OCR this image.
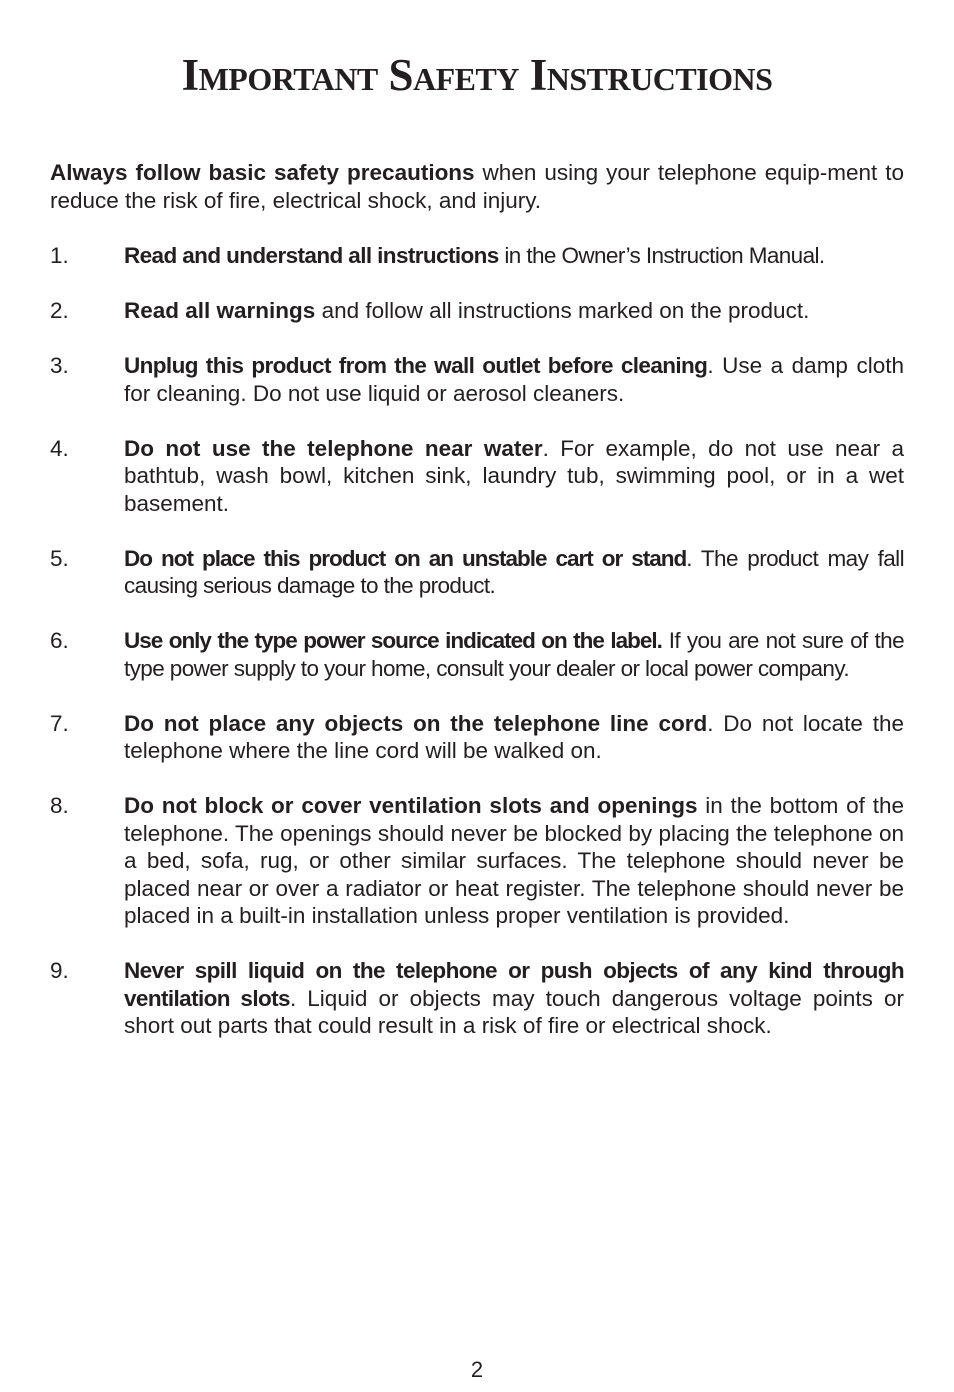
Important Safety Instructions

Always follow basic safety precautions when using your telephone equip-ment to reduce the risk of fire, electrical shock, and injury.

1. Read and understand all instructions in the Owner’s Instruction Manual.
2. Read all warnings and follow all instructions marked on the product.
3. Unplug this product from the wall outlet before cleaning. Use a damp cloth for cleaning. Do not use liquid or aerosol cleaners.
4. Do not use the telephone near water. For example, do not use near a bathtub, wash bowl, kitchen sink, laundry tub, swimming pool, or in a wet basement.
5. Do not place this product on an unstable cart or stand. The product may fall causing serious damage to the product.
6. Use only the type power source indicated on the label. If you are not sure of the type power supply to your home, consult your dealer or local power company.
7. Do not place any objects on the telephone line cord. Do not locate the telephone where the line cord will be walked on.
8. Do not block or cover ventilation slots and openings in the bottom of the telephone. The openings should never be blocked by placing the telephone on a bed, sofa, rug, or other similar surfaces. The telephone should never be placed near or over a radiator or heat register. The telephone should never be placed in a built-in installation unless proper ventilation is provided.
9. Never spill liquid on the telephone or push objects of any kind through ventilation slots. Liquid or objects may touch dangerous voltage points or short out parts that could result in a risk of fire or electrical shock.
2
